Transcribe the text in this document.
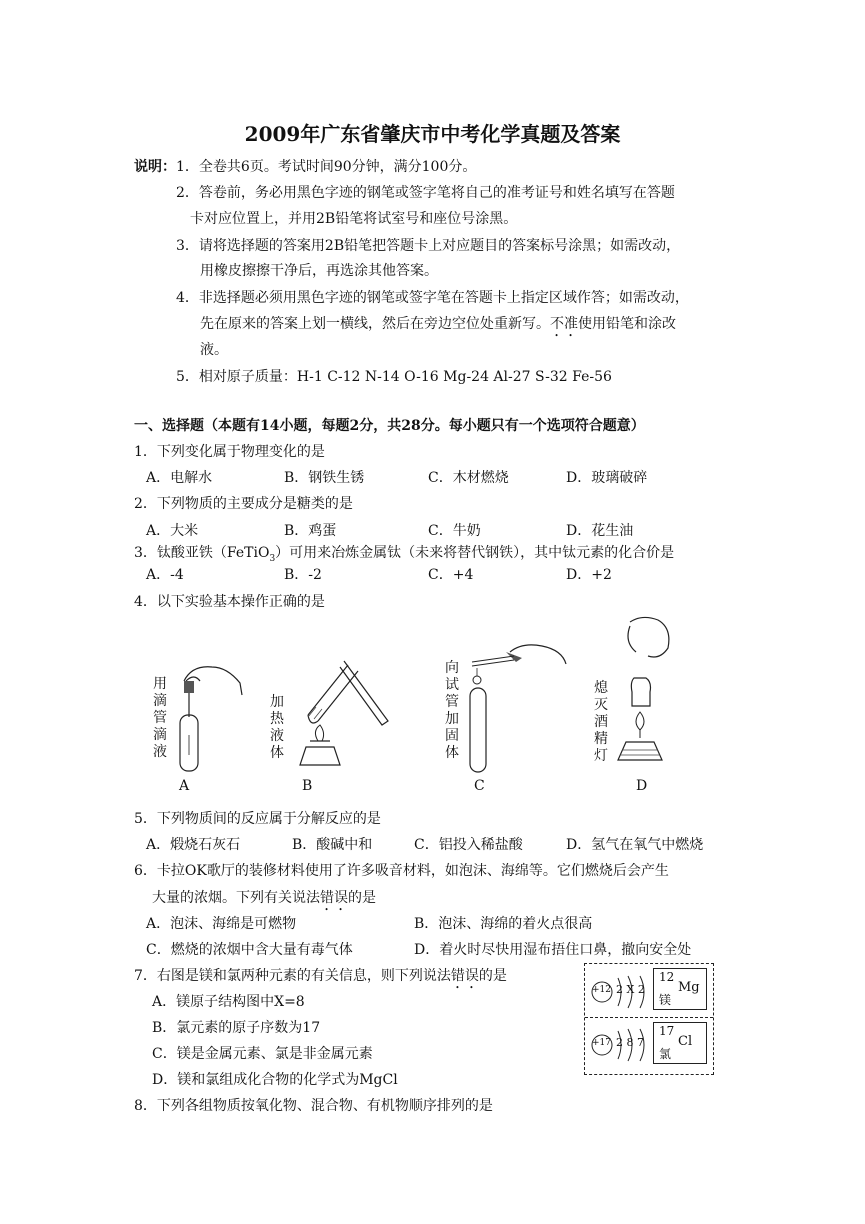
2009年广东省肇庆市中考化学真题及答案
说明： 1．全卷共6页。考试时间90分钟，满分100分。
2．答卷前，务必用黑色字迹的钢笔或签字笔将自己的准考证号和姓名填写在答题
卡对应位置上，并用2B铅笔将试室号和座位号涂黑。
3．请将选择题的答案用2B铅笔把答题卡上对应题目的答案标号涂黑；如需改动，
用橡皮擦擦干净后，再选涂其他答案。
4．非选择题必须用黑色字迹的钢笔或签字笔在答题卡上指定区域作答；如需改动，
先在原来的答案上划一横线，然后在旁边空位处重新写。不准使用铅笔和涂改
液。
5．相对原子质量：H-1 C-12 N-14 O-16 Mg-24 Al-27 S-32 Fe-56
一、选择题（本题有14小题，每题2分，共28分。每小题只有一个选项符合题意）
1．下列变化属于物理变化的是
A．电解水	B．钢铁生锈	C．木材燃烧	D．玻璃破碎
2．下列物质的主要成分是糖类的是
A．大米	B．鸡蛋	C．牛奶	D．花生油
3．钛酸亚铁（FeTiO$_3$）可用来冶炼金属钛（未来将替代钢铁），其中钛元素的化合价是
A．-4	B．-2	C．+4	D．+2
4．以下实验基本操作正确的是
用滴管滴液
A
加热液体
B
向试管加固体
C
熄灭酒精灯
D
5．下列物质间的反应属于分解反应的是
A．煅烧石灰石	B．酸碱中和	C．铝投入稀盐酸	D．氢气在氧气中燃烧
6．卡拉OK歌厅的装修材料使用了许多吸音材料，如泡沫、海绵等。它们燃烧后会产生
大量的浓烟。下列有关说法错误的是
A．泡沫、海绵是可燃物	B．泡沫、海绵的着火点很高
C．燃烧的浓烟中含大量有毒气体	D．着火时尽快用湿布捂住口鼻，撤向安全处
7．右图是镁和氯两种元素的有关信息，则下列说法错误的是
A．镁原子结构图中X=8
B．氯元素的原子序数为17
C．镁是金属元素、氯是非金属元素
D．镁和氯组成化合物的化学式为MgCl
+12 2 X 2
12
Mg
镁
+17 2 8 7
17
Cl
氯
8．下列各组物质按氧化物、混合物、有机物顺序排列的是
